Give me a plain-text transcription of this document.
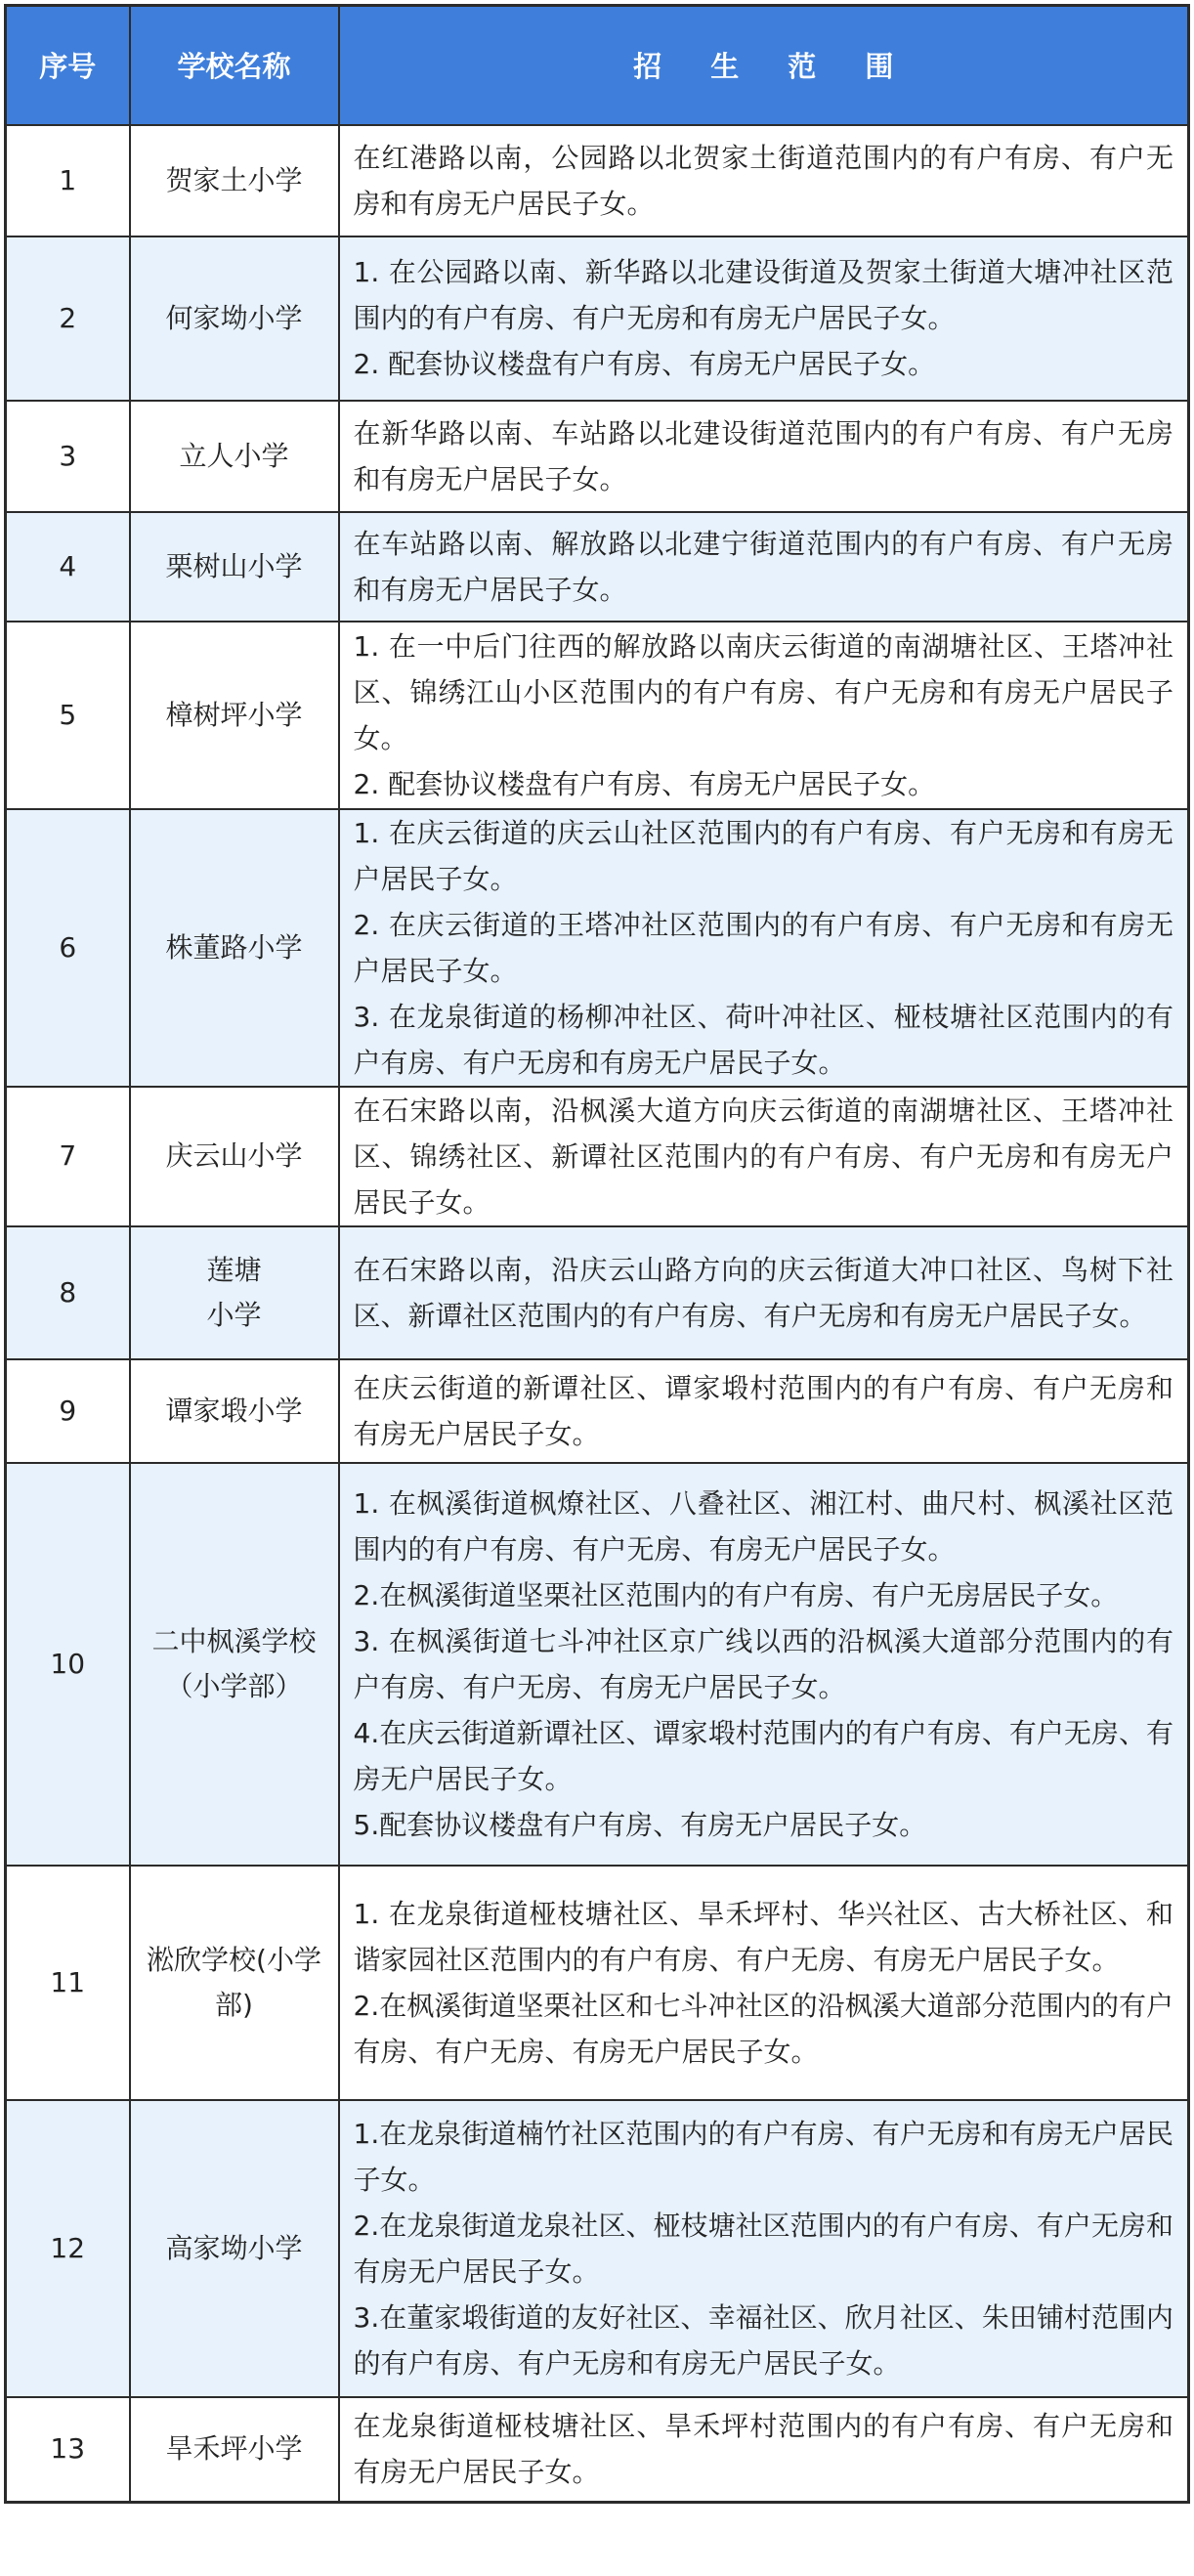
序号	学校名称	招 生 范 围
1	贺家土小学	在红港路以南，公园路以北贺家土街道范围内的有户有房、有户无房和有房无户居民子女。

2	何家坳小学	1. 在公园路以南、新华路以北建设街道及贺家土街道大塘冲社区范围内的有户有房、有户无房和有房无户居民子女。
2. 配套协议楼盘有户有房、有房无户居民子女。

3	立人小学	在新华路以南、车站路以北建设街道范围内的有户有房、有户无房和有房无户居民子女。

4	栗树山小学	在车站路以南、解放路以北建宁街道范围内的有户有房、有户无房和有房无户居民子女。

5	樟树坪小学	1. 在一中后门往西的解放路以南庆云街道的南湖塘社区、王塔冲社区、锦绣江山小区范围内的有户有房、有户无房和有房无户居民子女。
2. 配套协议楼盘有户有房、有房无户居民子女。

6	株董路小学	1. 在庆云街道的庆云山社区范围内的有户有房、有户无房和有房无户居民子女。
2. 在庆云街道的王塔冲社区范围内的有户有房、有户无房和有房无户居民子女。
3. 在龙泉街道的杨柳冲社区、荷叶冲社区、桠枝塘社区范围内的有户有房、有户无房和有房无户居民子女。

7	庆云山小学	在石宋路以南，沿枫溪大道方向庆云街道的南湖塘社区、王塔冲社区、锦绣社区、新谭社区范围内的有户有房、有户无房和有房无户居民子女。

8	莲塘
小学	在石宋路以南，沿庆云山路方向的庆云街道大冲口社区、鸟树下社区、新谭社区范围内的有户有房、有户无房和有房无户居民子女。

9	谭家塅小学	在庆云街道的新谭社区、谭家塅村范围内的有户有房、有户无房和有房无户居民子女。

10	二中枫溪学校（小学部）	1. 在枫溪街道枫燎社区、八叠社区、湘江村、曲尺村、枫溪社区范围内的有户有房、有户无房、有房无户居民子女。
2.在枫溪街道坚栗社区范围内的有户有房、有户无房居民子女。
3. 在枫溪街道七斗冲社区京广线以西的沿枫溪大道部分范围内的有户有房、有户无房、有房无户居民子女。
4.在庆云街道新谭社区、谭家塅村范围内的有户有房、有户无房、有房无户居民子女。
5.配套协议楼盘有户有房、有房无户居民子女。

11	淞欣学校(小学部)	1. 在龙泉街道桠枝塘社区、旱禾坪村、华兴社区、古大桥社区、和谐家园社区范围内的有户有房、有户无房、有房无户居民子女。
2.在枫溪街道坚栗社区和七斗冲社区的沿枫溪大道部分范围内的有户有房、有户无房、有房无户居民子女。

12	高家坳小学	1.在龙泉街道楠竹社区范围内的有户有房、有户无房和有房无户居民子女。
2.在龙泉街道龙泉社区、桠枝塘社区范围内的有户有房、有户无房和有房无户居民子女。
3.在董家塅街道的友好社区、幸福社区、欣月社区、朱田铺村范围内的有户有房、有户无房和有房无户居民子女。

13	旱禾坪小学	在龙泉街道桠枝塘社区、旱禾坪村范围内的有户有房、有户无房和有房无户居民子女。
